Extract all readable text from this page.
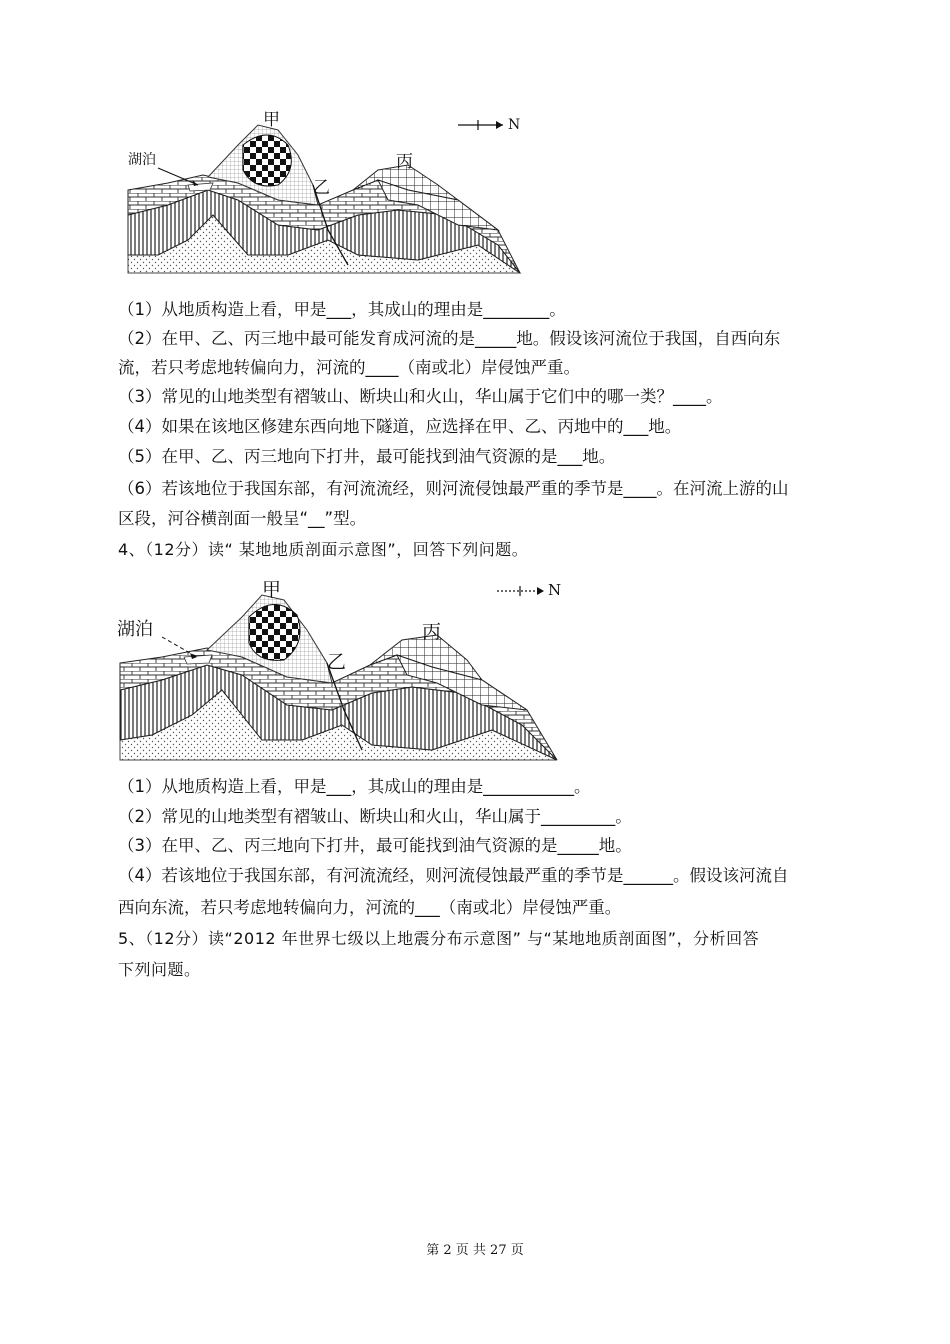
甲
乙
丙
湖泊
N
（1）从地质构造上看，甲是___，其成山的理由是________。
（2）在甲、乙、丙三地中最可能发育成河流的是_____地。假设该河流位于我国，自西向东
流，若只考虑地转偏向力，河流的____（南或北）岸侵蚀严重。
（3）常见的山地类型有褶皱山、断块山和火山，华山属于它们中的哪一类？____。
（4）如果在该地区修建东西向地下隧道，应选择在甲、乙、丙地中的___地。
（5）在甲、乙、丙三地向下打井，最可能找到油气资源的是___地。
（6）若该地位于我国东部，有河流流经，则河流侵蚀最严重的季节是____。在河流上游的山
区段，河谷横剖面一般呈“__”型。
4、（12分）读“ 某地地质剖面示意图”，回答下列问题。
甲
乙
丙
湖泊
N
（1）从地质构造上看，甲是___，其成山的理由是___________。
（2）常见的山地类型有褶皱山、断块山和火山，华山属于_________。
（3）在甲、乙、丙三地向下打井，最可能找到油气资源的是_____地。
（4）若该地位于我国东部，有河流流经，则河流侵蚀最严重的季节是______。假设该河流自
西向东流，若只考虑地转偏向力，河流的___（南或北）岸侵蚀严重。
5、（12分）读“2012 年世界七级以上地震分布示意图” 与“某地地质剖面图”，分析回答
下列问题。
第 2 页 共 27 页
